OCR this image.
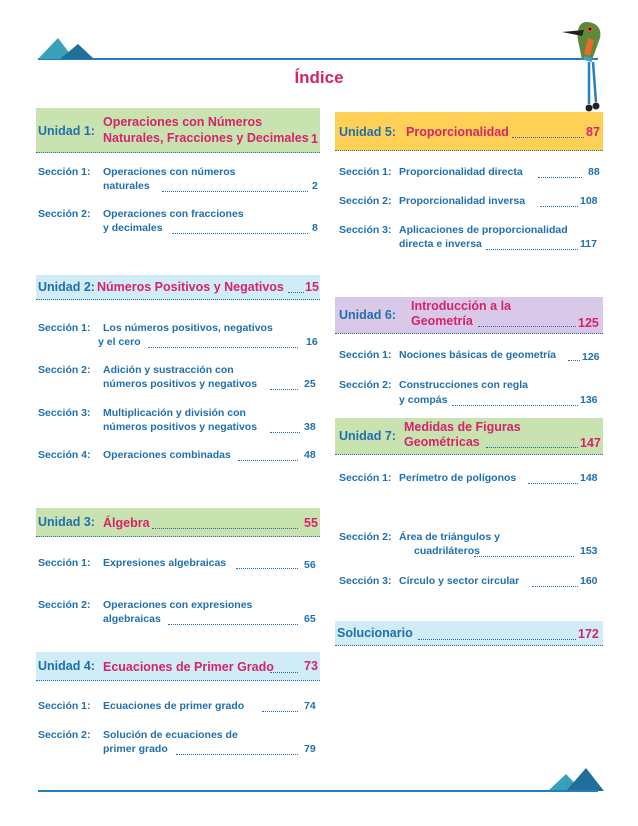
Índice
Unidad 1:
Operaciones con Números
Naturales, Fracciones y Decimales 1
Sección 1: Operaciones con números
naturales	2
Sección 2: Operaciones con fracciones
y decimales	8
Unidad 2: Números Positivos y Negativos 15
Sección 1: Los números positivos, negativos
y el cero	16
Sección 2: Adición y sustracción con
números positivos y negativos	25
Sección 3: Multiplicación y división con
números positivos y negativos	38
Sección 4: Operaciones combinadas	48
Unidad 3: Álgebra	55
Sección 1: Expresiones algebraicas	56
Sección 2: Operaciones con expresiones
algebraicas	65
Unidad 4: Ecuaciones de Primer Grado 73
Sección 1: Ecuaciones de primer grado	74
Sección 2: Solución de ecuaciones de
primer grado	79
Unidad 5: Proporcionalidad	87
Sección 1: Proporcionalidad directa	88
Sección 2: Proporcionalidad inversa	108
Sección 3: Aplicaciones de proporcionalidad
directa e inversa	117
Unidad 6:
Introducción a la
Geometría	125
Sección 1: Nociones básicas de geometría 126
Sección 2: Construcciones con regla
y compás	136
Unidad 7:
Medidas de Figuras
Geométricas	147
Sección 1: Perímetro de polígonos	148
Sección 2: Área de triángulos y
cuadriláteros	153
Sección 3: Círculo y sector circular	160
Solucionario	172
